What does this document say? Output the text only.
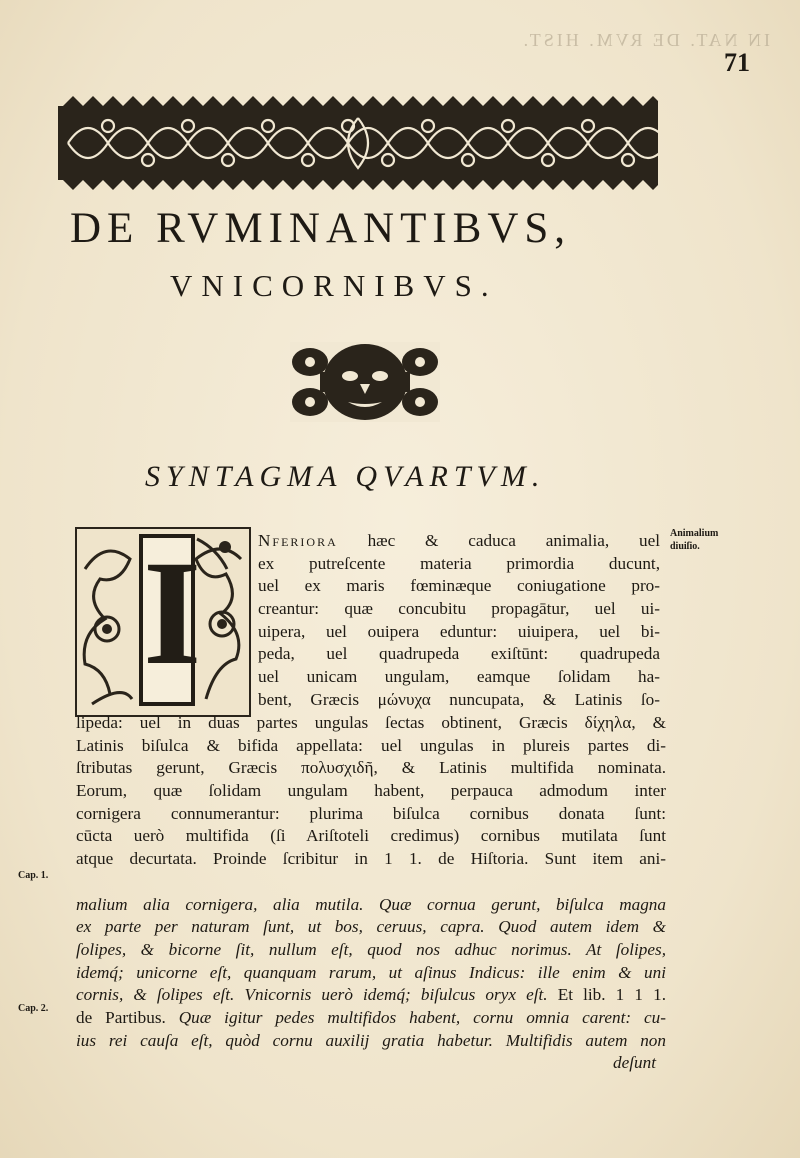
IN NAT. DE RVM. HIST.
71
DE RVMINANTIBVS,
VNICORNIBVS.
SYNTAGMA QVARTVM.
I	Nferiora hæc & caduca animalia, uel
ex putreſcente materia primordia ducunt,
uel ex maris fœminæque coniugatione pro-
creantur: quæ concubitu propagātur, uel ui-
uipera, uel ouipera eduntur: uiuipera, uel bi-
peda, uel quadrupeda exiſtūnt: quadrupeda
uel unicam ungulam, eamque ſolidam ha-
bent, Græcis μώνυχα nuncupata, & Latinis ſo-
lipeda: uel in duas partes ungulas ſectas obtinent, Græcis δίχηλα, &
Latinis biſulca & bifida appellata: uel ungulas in plureis partes di-
ſtributas gerunt, Græcis πολυσχιδῆ, & Latinis multifida nominata.
Eorum, quæ ſolidam ungulam habent, perpauca admodum inter
cornigera connumerantur: plurima biſulca cornibus donata ſunt:
cūcta uerò multifida (ſi Ariſtoteli credimus) cornibus mutilata ſunt
atque decurtata. Proinde ſcribitur in 1 1. de Hiſtoria. Sunt item ani-
malium alia cornigera, alia mutila. Quæ cornua gerunt, biſulca magna
ex parte per naturam ſunt, ut bos, ceruus, capra. Quod autem idem &
ſolipes, & bicorne ſit, nullum eſt, quod nos adhuc norimus. At ſolipes,
idemq́; unicorne eſt, quanquam rarum, ut aſinus Indicus: ille enim & uni
cornis, & ſolipes eſt. Vnicornis uerò idemq́; biſulcus oryx eſt. Et lib. 1 1 1.
de Partibus. Quæ igitur pedes multifidos habent, cornu omnia carent: cu-
ius rei cauſa eſt, quòd cornu auxilij gratia habetur. Multifidis autem non
deſunt
Animalium
diuiſio.
Cap. 1.
Cap. 2.
